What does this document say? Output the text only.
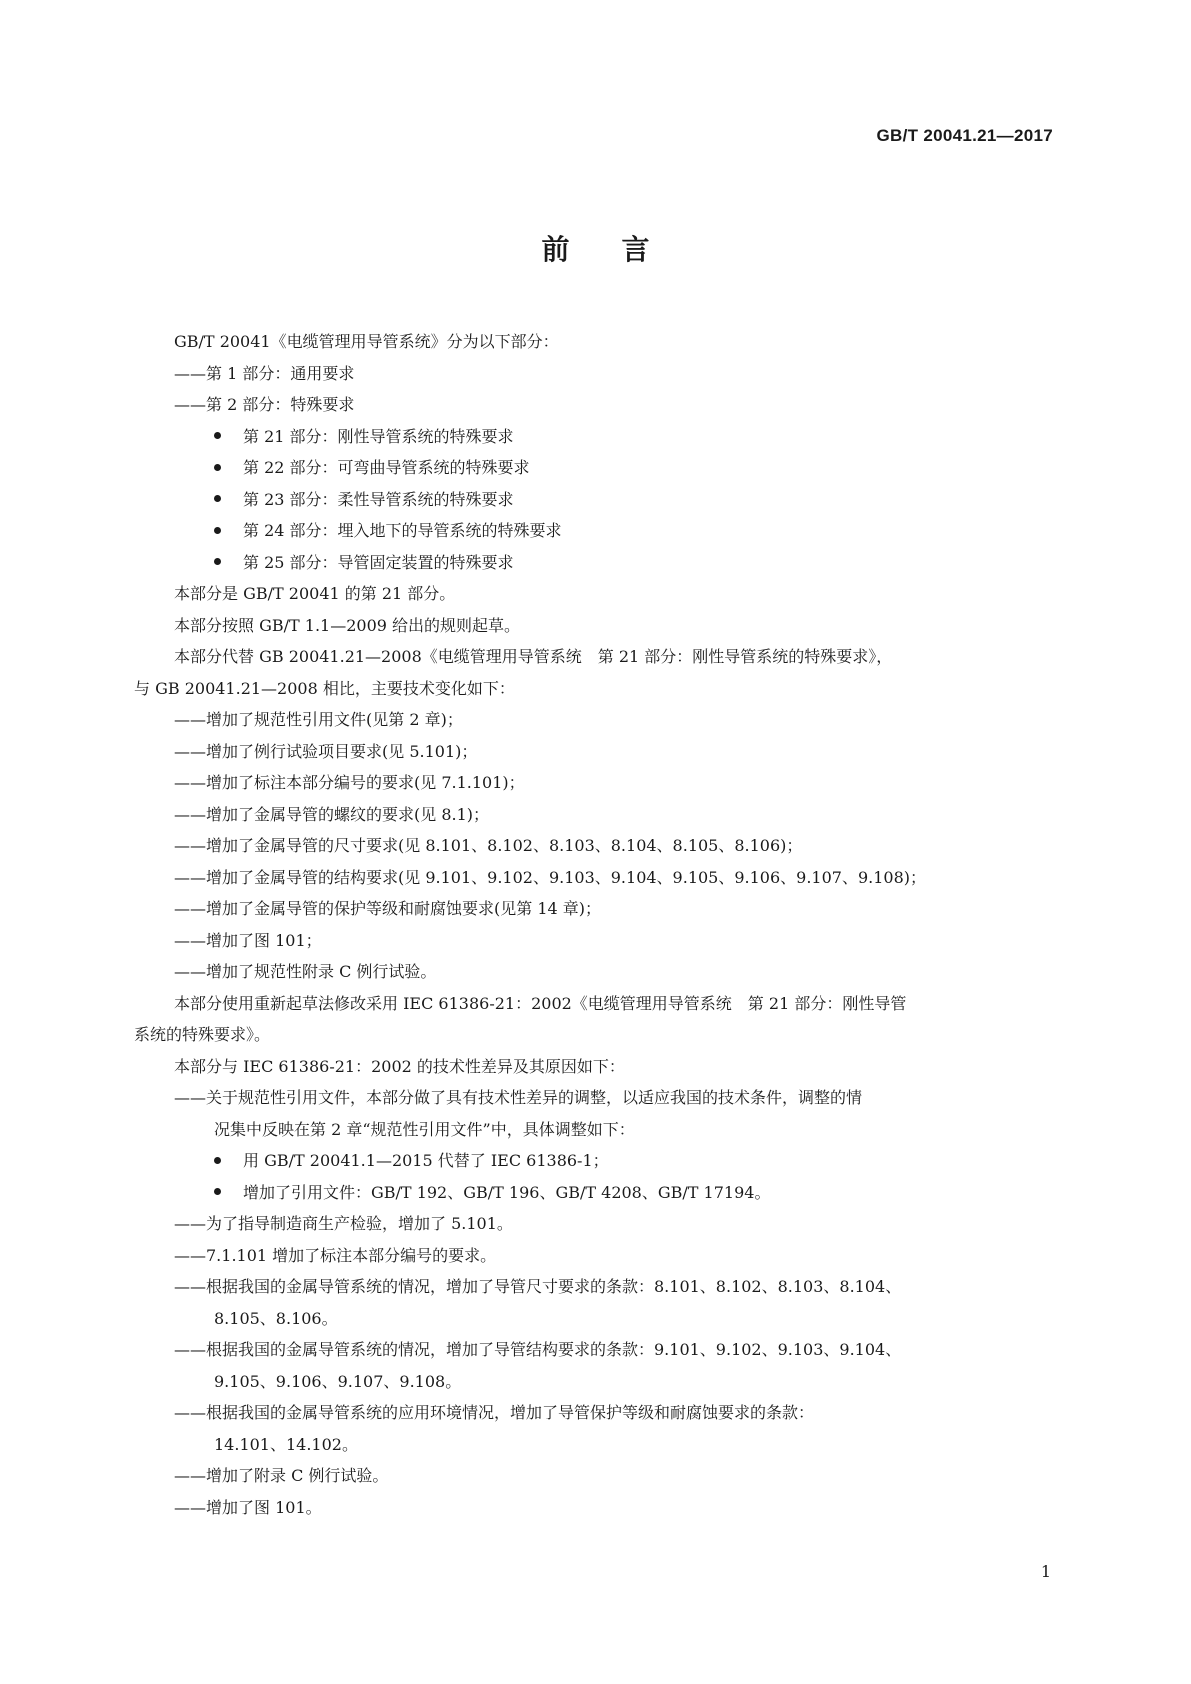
GB/T 20041.21—2017
前言
GB/T 20041《电缆管理用导管系统》分为以下部分：
——第 1 部分：通用要求
——第 2 部分：特殊要求
第 21 部分：刚性导管系统的特殊要求
第 22 部分：可弯曲导管系统的特殊要求
第 23 部分：柔性导管系统的特殊要求
第 24 部分：埋入地下的导管系统的特殊要求
第 25 部分：导管固定装置的特殊要求
本部分是 GB/T 20041 的第 21 部分。
本部分按照 GB/T 1.1—2009 给出的规则起草。
本部分代替 GB 20041.21—2008《电缆管理用导管系统　第 21 部分：刚性导管系统的特殊要求》，
与 GB 20041.21—2008 相比，主要技术变化如下：
——增加了规范性引用文件(见第 2 章)；
——增加了例行试验项目要求(见 5.101)；
——增加了标注本部分编号的要求(见 7.1.101)；
——增加了金属导管的螺纹的要求(见 8.1)；
——增加了金属导管的尺寸要求(见 8.101、8.102、8.103、8.104、8.105、8.106)；
——增加了金属导管的结构要求(见 9.101、9.102、9.103、9.104、9.105、9.106、9.107、9.108)；
——增加了金属导管的保护等级和耐腐蚀要求(见第 14 章)；
——增加了图 101；
——增加了规范性附录 C 例行试验。
本部分使用重新起草法修改采用 IEC 61386-21：2002《电缆管理用导管系统　第 21 部分：刚性导管
系统的特殊要求》。
本部分与 IEC 61386-21：2002 的技术性差异及其原因如下：
——关于规范性引用文件，本部分做了具有技术性差异的调整，以适应我国的技术条件，调整的情
况集中反映在第 2 章“规范性引用文件”中，具体调整如下：
用 GB/T 20041.1—2015 代替了 IEC 61386-1；
增加了引用文件：GB/T 192、GB/T 196、GB/T 4208、GB/T 17194。
——为了指导制造商生产检验，增加了 5.101。
——7.1.101 增加了标注本部分编号的要求。
——根据我国的金属导管系统的情况，增加了导管尺寸要求的条款：8.101、8.102、8.103、8.104、
8.105、8.106。
——根据我国的金属导管系统的情况，增加了导管结构要求的条款：9.101、9.102、9.103、9.104、
9.105、9.106、9.107、9.108。
——根据我国的金属导管系统的应用环境情况，增加了导管保护等级和耐腐蚀要求的条款：
14.101、14.102。
——增加了附录 C 例行试验。
——增加了图 101。
1
